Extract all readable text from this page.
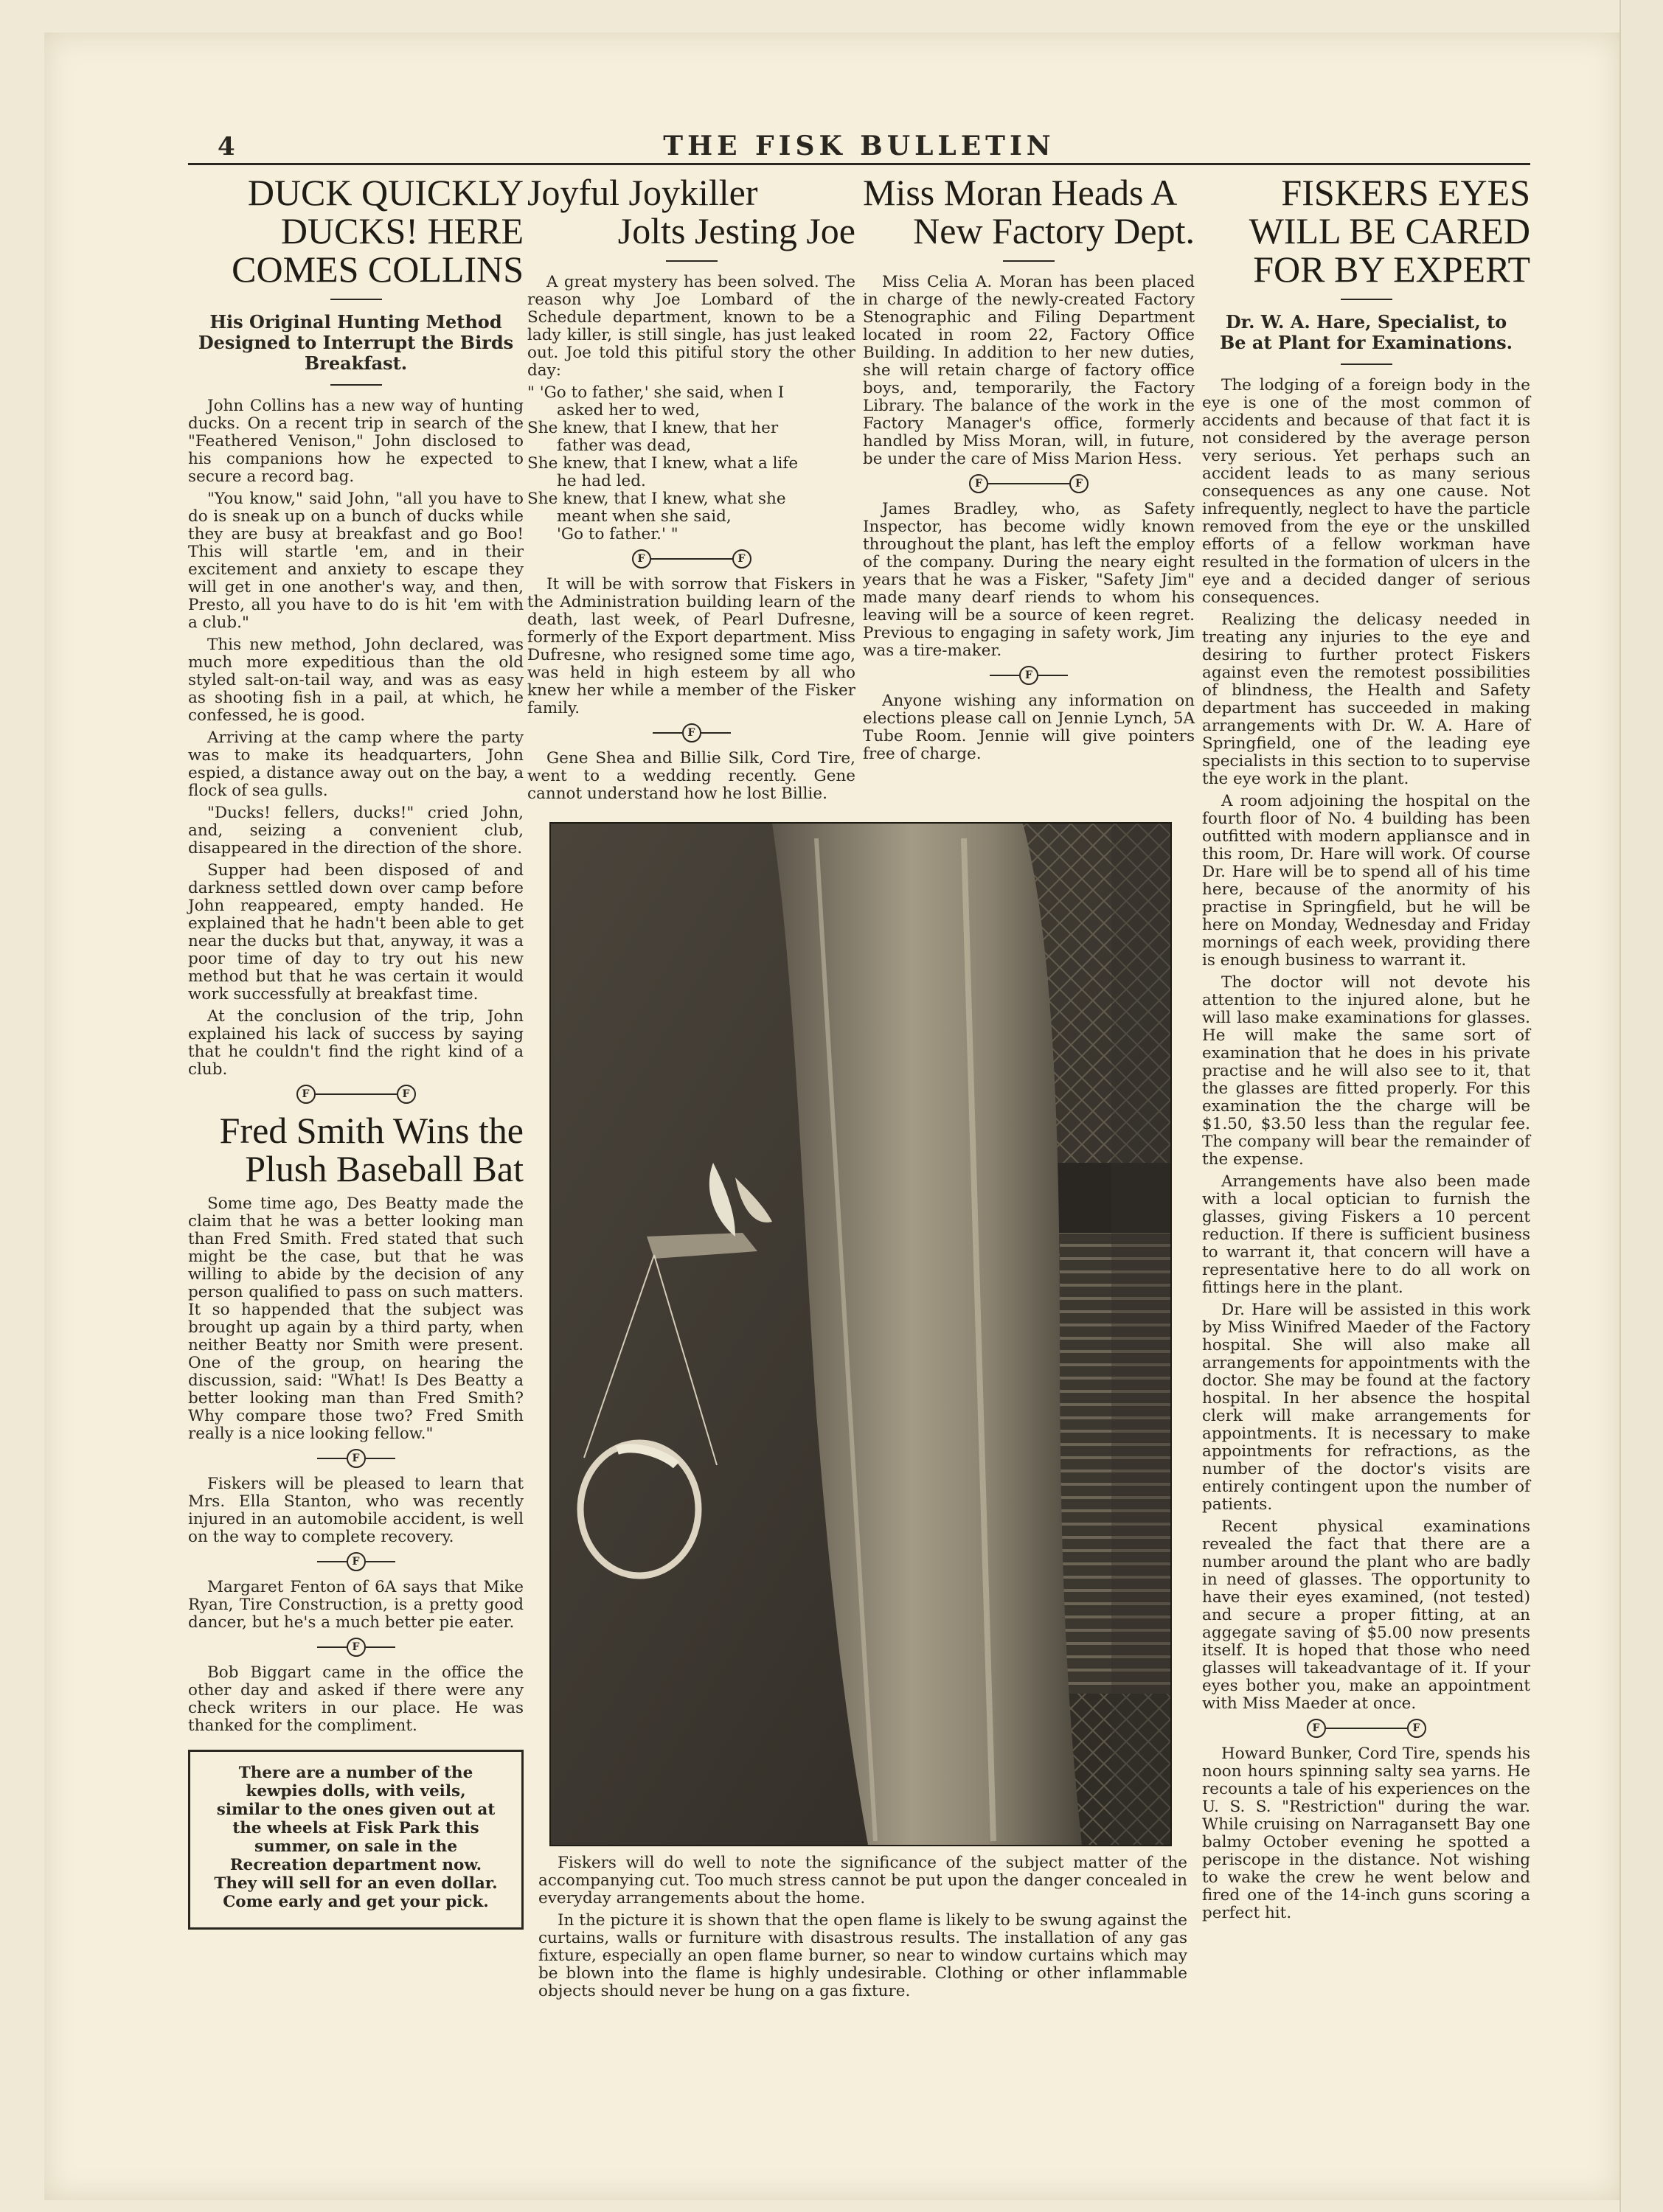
4	THE FISK BULLETIN
DUCK QUICKLY
DUCKS! HERE
COMES COLLINS
His Original Hunting Method Designed to Interrupt the Birds Breakfast.

John Collins has a new way of hunting ducks. On a recent trip in search of the "Feathered Venison," John disclosed to his companions how he expected to secure a record bag.

"You know," said John, "all you have to do is sneak up on a bunch of ducks while they are busy at breakfast and go Boo! This will startle 'em, and in their excitement and anxiety to escape they will get in one another's way, and then, Presto, all you have to do is hit 'em with a club."

This new method, John declared, was much more expeditious than the old styled salt-on-tail way, and was as easy as shooting fish in a pail, at which, he confessed, he is good.

Arriving at the camp where the party was to make its headquarters, John espied, a distance away out on the bay, a flock of sea gulls.

"Ducks! fellers, ducks!" cried John, and, seizing a convenient club, disappeared in the direction of the shore.

Supper had been disposed of and darkness settled down over camp before John reappeared, empty handed. He explained that he hadn't been able to get near the ducks but that, anyway, it was a poor time of day to try out his new method but that he was certain it would work successfully at breakfast time.

At the conclusion of the trip, John explained his lack of success by saying that he couldn't find the right kind of a club.

F	F
Fred Smith Wins the
Plush Baseball Bat

Some time ago, Des Beatty made the claim that he was a better looking man than Fred Smith. Fred stated that such might be the case, but that he was willing to abide by the decision of any person qualified to pass on such matters. It so happended that the subject was brought up again by a third party, when neither Beatty nor Smith were present. One of the group, on hearing the discussion, said: "What! Is Des Beatty a better looking man than Fred Smith? Why compare those two? Fred Smith really is a nice looking fellow."

F

Fiskers will be pleased to learn that Mrs. Ella Stanton, who was recently injured in an automobile accident, is well on the way to complete recovery.

F

Margaret Fenton of 6A says that Mike Ryan, Tire Construction, is a pretty good dancer, but he's a much better pie eater.

F

Bob Biggart came in the office the other day and asked if there were any check writers in our place. He was thanked for the compliment.

There are a number of the kewpies dolls, with veils, similar to the ones given out at the wheels at Fisk Park this summer, on sale in the Recreation department now. They will sell for an even dollar. Come early and get your pick.

Joyful Joykiller
Jolts Jesting Joe

A great mystery has been solved. The reason why Joe Lombard of the Schedule department, known to be a lady killer, is still single, has just leaked out. Joe told this pitiful story the other day:

" 'Go to father,' she said, when I

asked her to wed,

She knew, that I knew, that her

father was dead,

She knew, that I knew, what a life

he had led.

She knew, that I knew, what she

meant when she said,

'Go to father.' "

F	F

It will be with sorrow that Fiskers in the Administration building learn of the death, last week, of Pearl Dufresne, formerly of the Export department. Miss Dufresne, who resigned some time ago, was held in high esteem by all who knew her while a member of the Fisker family.

F

Gene Shea and Billie Silk, Cord Tire, went to a wedding recently. Gene cannot understand how he lost Billie.

Miss Moran Heads A
New Factory Dept.

Miss Celia A. Moran has been placed in charge of the newly-created Factory Stenographic and Filing Department located in room 22, Factory Office Building. In addition to her new duties, she will retain charge of factory office boys, and, temporarily, the Factory Library. The balance of the work in the Factory Manager's office, formerly handled by Miss Moran, will, in future, be under the care of Miss Marion Hess.

F	F

James Bradley, who, as Safety Inspector, has become widly known throughout the plant, has left the employ of the company. During the neary eight years that he was a Fisker, "Safety Jim" made many dearf riends to whom his leaving will be a source of keen regret. Previous to engaging in safety work, Jim was a tire-maker.

F

Anyone wishing any information on elections please call on Jennie Lynch, 5A Tube Room. Jennie will give pointers free of charge.

FISKERS EYES
WILL BE CARED
FOR BY EXPERT
Dr. W. A. Hare, Specialist, to Be at Plant for Examinations.

The lodging of a foreign body in the eye is one of the most common of accidents and because of that fact it is not considered by the average person very serious. Yet perhaps such an accident leads to as many serious consequences as any one cause. Not infrequently, neglect to have the particle removed from the eye or the unskilled efforts of a fellow workman have resulted in the formation of ulcers in the eye and a decided danger of serious consequences.

Realizing the delicasy needed in treating any injuries to the eye and desiring to further protect Fiskers against even the remotest possibilities of blindness, the Health and Safety department has succeeded in making arrangements with Dr. W. A. Hare of Springfield, one of the leading eye specialists in this section to to supervise the eye work in the plant.

A room adjoining the hospital on the fourth floor of No. 4 building has been outfitted with modern appliansce and in this room, Dr. Hare will work. Of course Dr. Hare will be to spend all of his time here, because of the anormity of his practise in Springfield, but he will be here on Monday, Wednesday and Friday mornings of each week, providing there is enough business to warrant it.

The doctor will not devote his attention to the injured alone, but he will laso make examinations for glasses. He will make the same sort of examination that he does in his private practise and he will also see to it, that the glasses are fitted properly. For this examination the the charge will be $1.50, $3.50 less than the regular fee. The company will bear the remainder of the expense.

Arrangements have also been made with a local optician to furnish the glasses, giving Fiskers a 10 percent reduction. If there is sufficient business to warrant it, that concern will have a representative here to do all work on fittings here in the plant.

Dr. Hare will be assisted in this work by Miss Winifred Maeder of the Factory hospital. She will also make all arrangements for appointments with the doctor. She may be found at the factory hospital. In her absence the hospital clerk will make arrangements for appointments. It is necessary to make appointments for refractions, as the number of the doctor's visits are entirely contingent upon the number of patients.

Recent physical examinations revealed the fact that there are a number around the plant who are badly in need of glasses. The opportunity to have their eyes examined, (not tested) and secure a proper fitting, at an aggegate saving of $5.00 now presents itself. It is hoped that those who need glasses will takeadvantage of it. If your eyes bother you, make an appointment with Miss Maeder at once.

F	F

Howard Bunker, Cord Tire, spends his noon hours spinning salty sea yarns. He recounts a tale of his experiences on the U. S. S. "Restriction" during the war. While cruising on Narragansett Bay one balmy October evening he spotted a periscope in the distance. Not wishing to wake the crew he went below and fired one of the 14-inch guns scoring a perfect hit.

Fiskers will do well to note the significance of the subject matter of the accompanying cut. Too much stress cannot be put upon the danger concealed in everyday arrangements about the home.

In the picture it is shown that the open flame is likely to be swung against the curtains, walls or furniture with disastrous results. The installation of any gas fixture, especially an open flame burner, so near to window curtains which may be blown into the flame is highly undesirable. Clothing or other inflammable objects should never be hung on a gas fixture.
